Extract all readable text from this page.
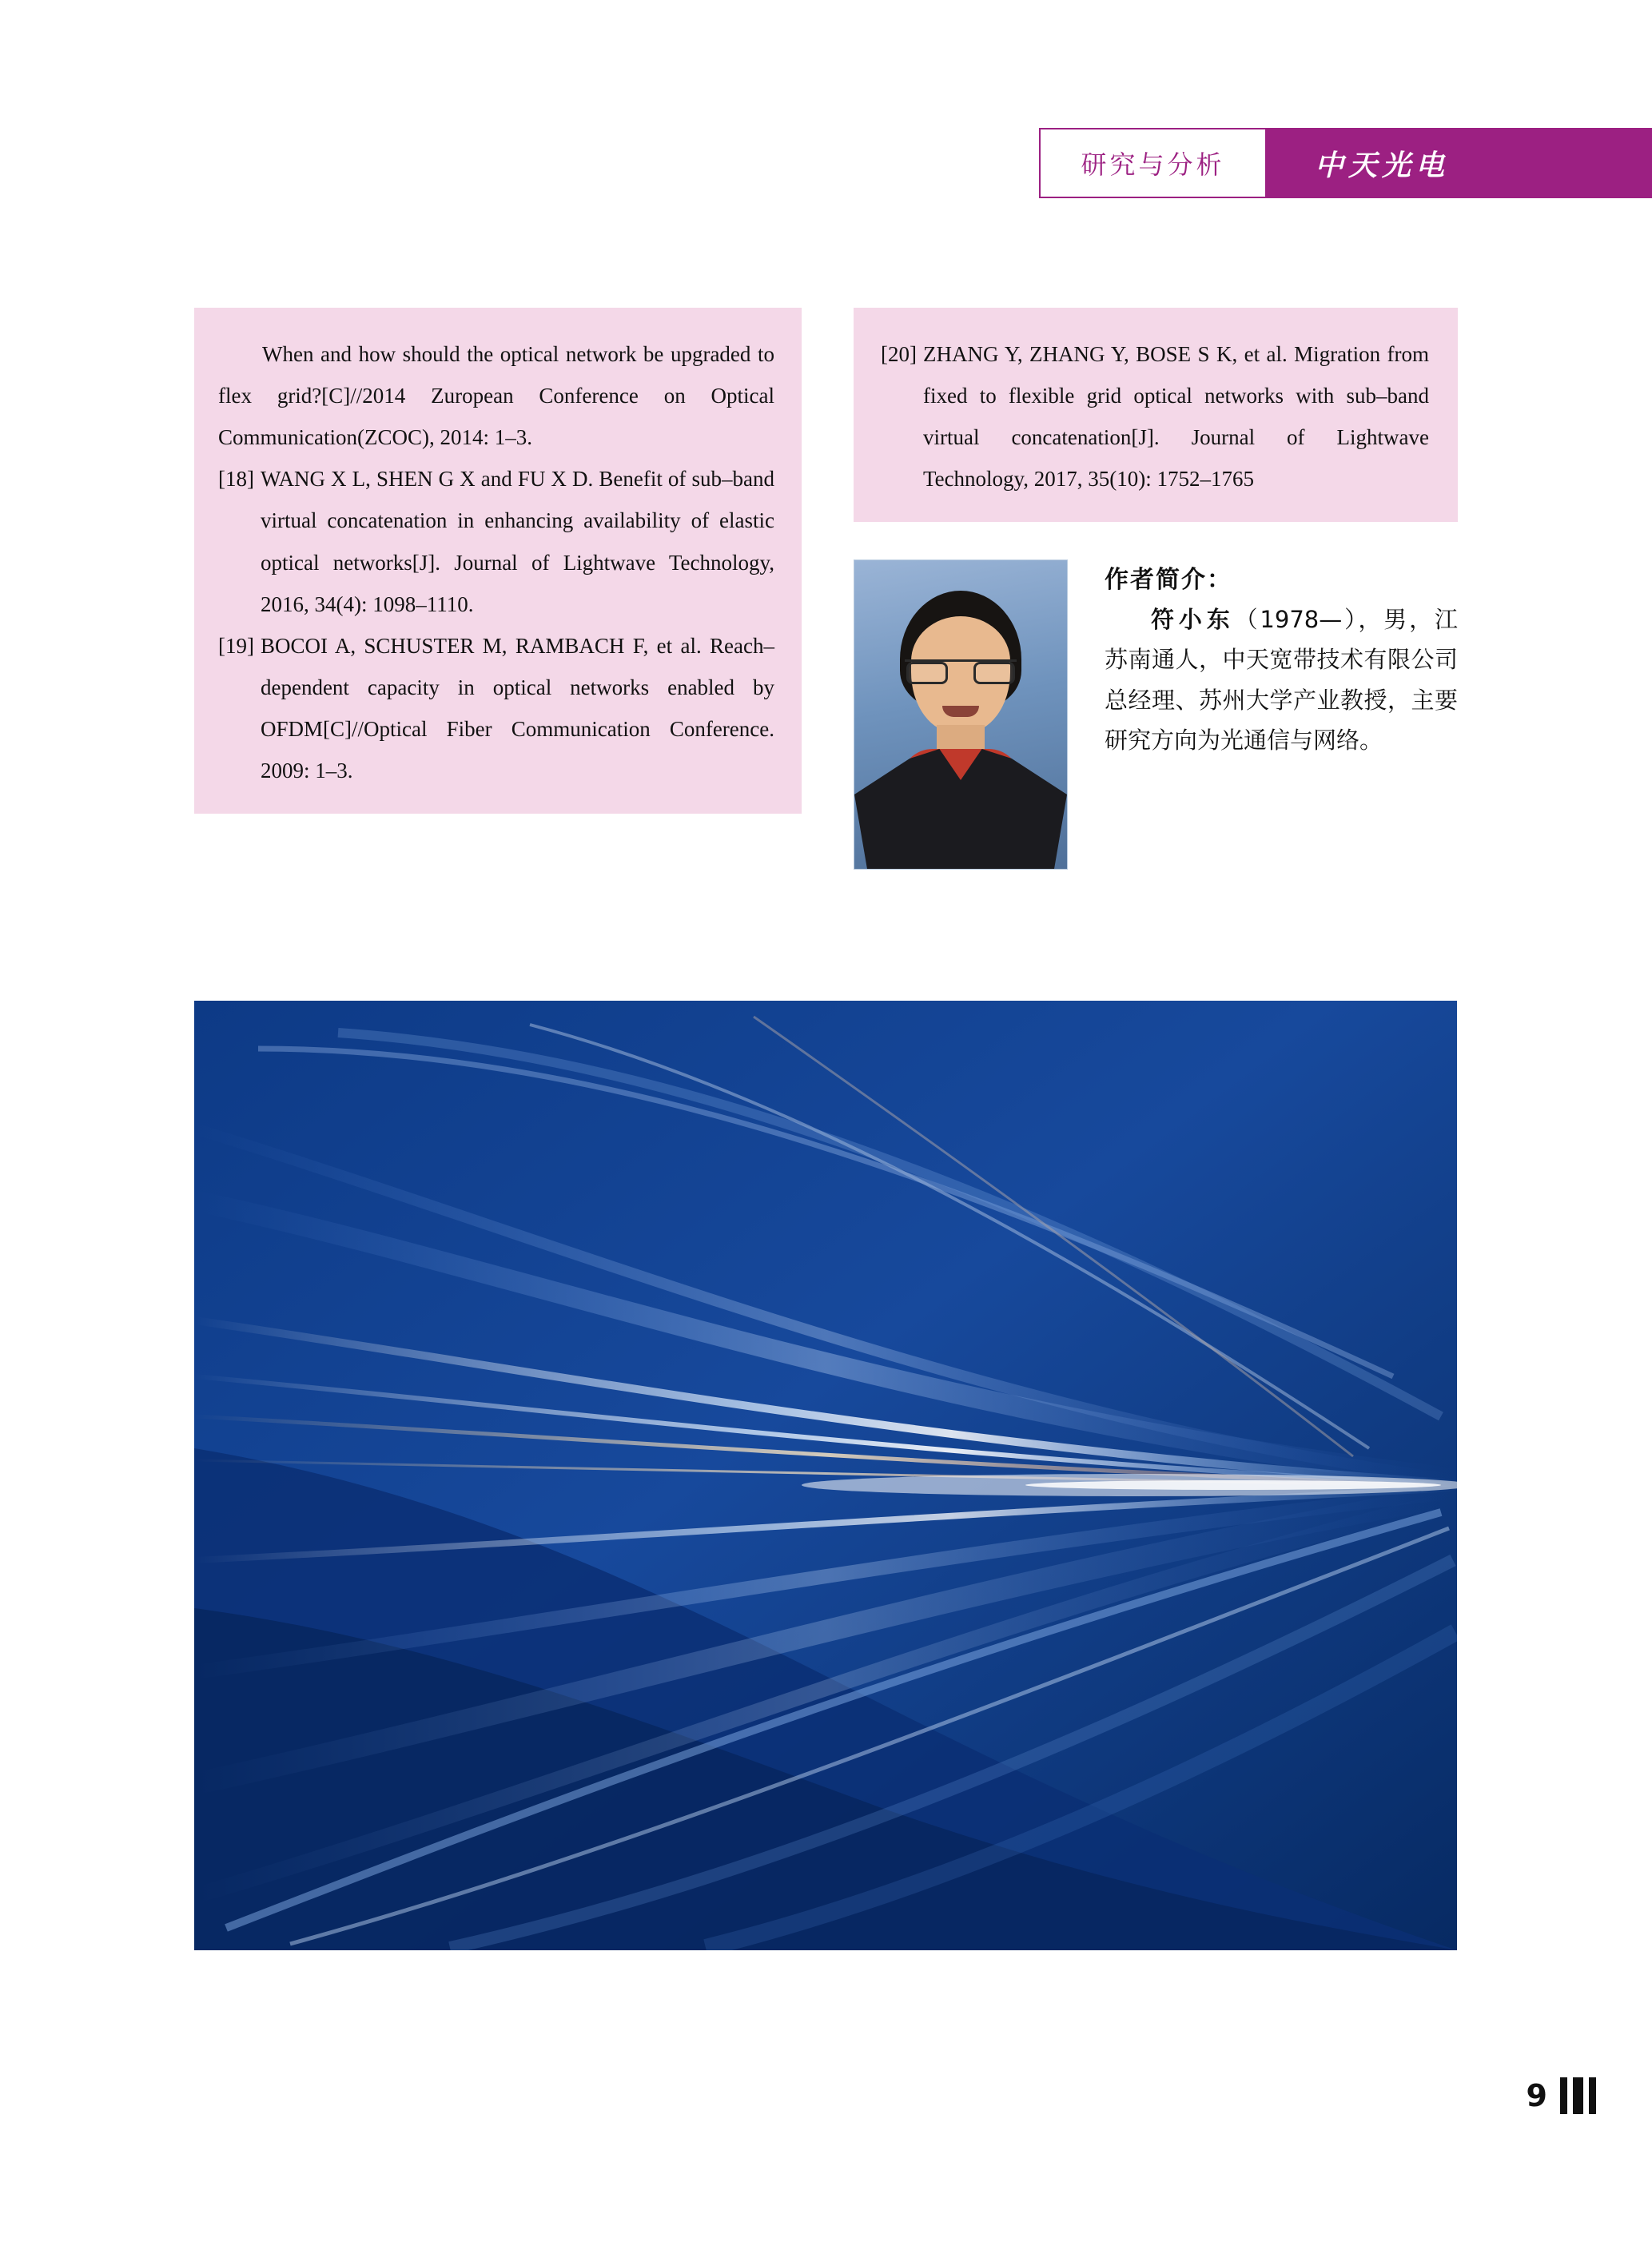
研究与分析	中天光电

When and how should the optical network be upgraded to flex grid?[C]//2014 Zuropean Conference on Optical Communication(ZCOC), 2014: 1–3.

[18] WANG X L, SHEN G X and FU X D. Benefit of sub–band virtual concatenation in enhancing availability of elastic optical networks[J]. Journal of Lightwave Technology, 2016, 34(4): 1098–1110.

[19] BOCOI A, SCHUSTER M, RAMBACH F, et al. Reach–dependent capacity in optical networks enabled by OFDM[C]//Optical Fiber Communication Conference. 2009: 1–3.

[20] ZHANG Y, ZHANG Y, BOSE S K, et al. Migration from fixed to flexible grid optical networks with sub–band virtual concatenation[J]. Journal of Lightwave Technology, 2017, 35(10): 1752–1765

作者简介：
符小东（1978—），男，江苏南通人，中天宽带技术有限公司总经理、苏州大学产业教授，主要研究方向为光通信与网络。
9
